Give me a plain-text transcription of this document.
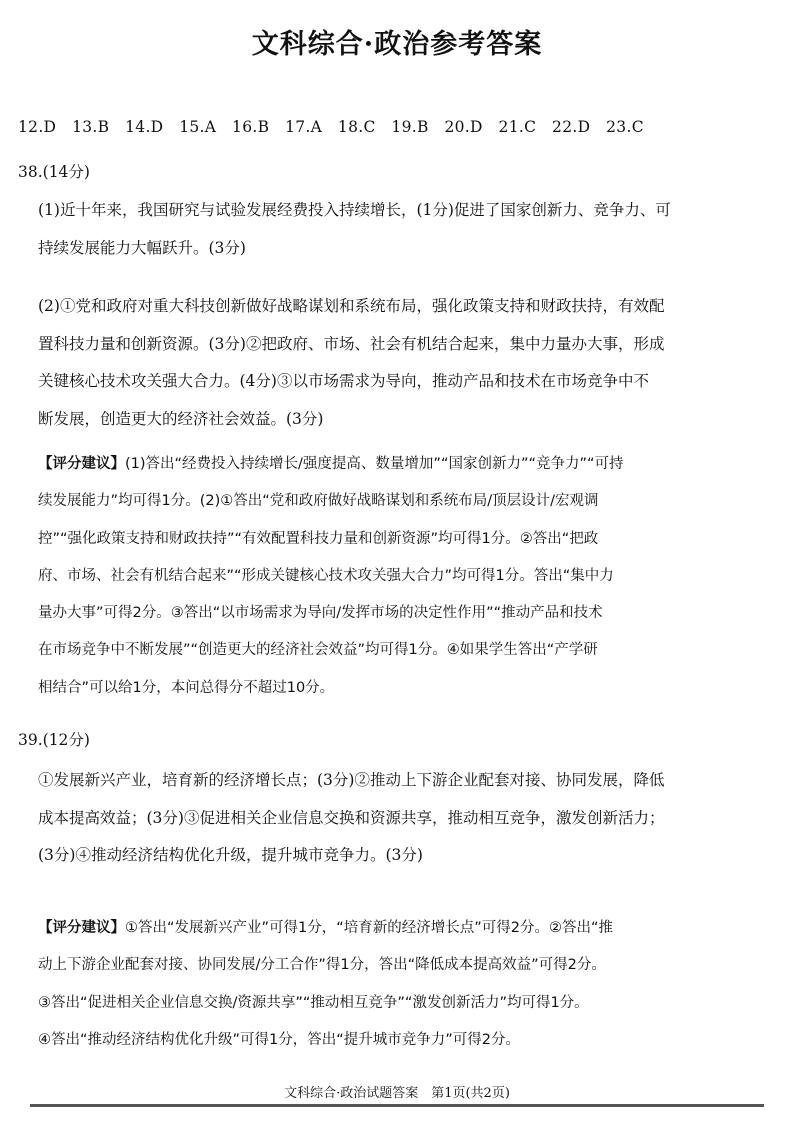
文科综合·政治参考答案
12.D　13.B　14.D　15.A　16.B　17.A　18.C　19.B　20.D　21.C　22.D　23.C
38.(14分)
(1)近十年来，我国研究与试验发展经费投入持续增长，(1分)促进了国家创新力、竞争力、可
持续发展能力大幅跃升。(3分)
(2)①党和政府对重大科技创新做好战略谋划和系统布局，强化政策支持和财政扶持，有效配
置科技力量和创新资源。(3分)②把政府、市场、社会有机结合起来，集中力量办大事，形成
关键核心技术攻关强大合力。(4分)③以市场需求为导向，推动产品和技术在市场竞争中不
断发展，创造更大的经济社会效益。(3分)
【评分建议】(1)答出“经费投入持续增长/强度提高、数量增加”“国家创新力”“竞争力”“可持
续发展能力”均可得1分。(2)①答出“党和政府做好战略谋划和系统布局/顶层设计/宏观调
控”“强化政策支持和财政扶持”“有效配置科技力量和创新资源”均可得1分。②答出“把政
府、市场、社会有机结合起来”“形成关键核心技术攻关强大合力”均可得1分。答出“集中力
量办大事”可得2分。③答出“以市场需求为导向/发挥市场的决定性作用”“推动产品和技术
在市场竞争中不断发展”“创造更大的经济社会效益”均可得1分。④如果学生答出“产学研
相结合”可以给1分，本问总得分不超过10分。
39.(12分)
①发展新兴产业，培育新的经济增长点；(3分)②推动上下游企业配套对接、协同发展，降低
成本提高效益；(3分)③促进相关企业信息交换和资源共享，推动相互竞争，激发创新活力；
(3分)④推动经济结构优化升级，提升城市竞争力。(3分)
【评分建议】①答出“发展新兴产业”可得1分，“培育新的经济增长点”可得2分。②答出“推
动上下游企业配套对接、协同发展/分工合作”得1分，答出“降低成本提高效益”可得2分。
③答出“促进相关企业信息交换/资源共享”“推动相互竞争”“激发创新活力”均可得1分。
④答出“推动经济结构优化升级”可得1分，答出“提升城市竞争力”可得2分。
文科综合·政治试题答案　第1页(共2页)
